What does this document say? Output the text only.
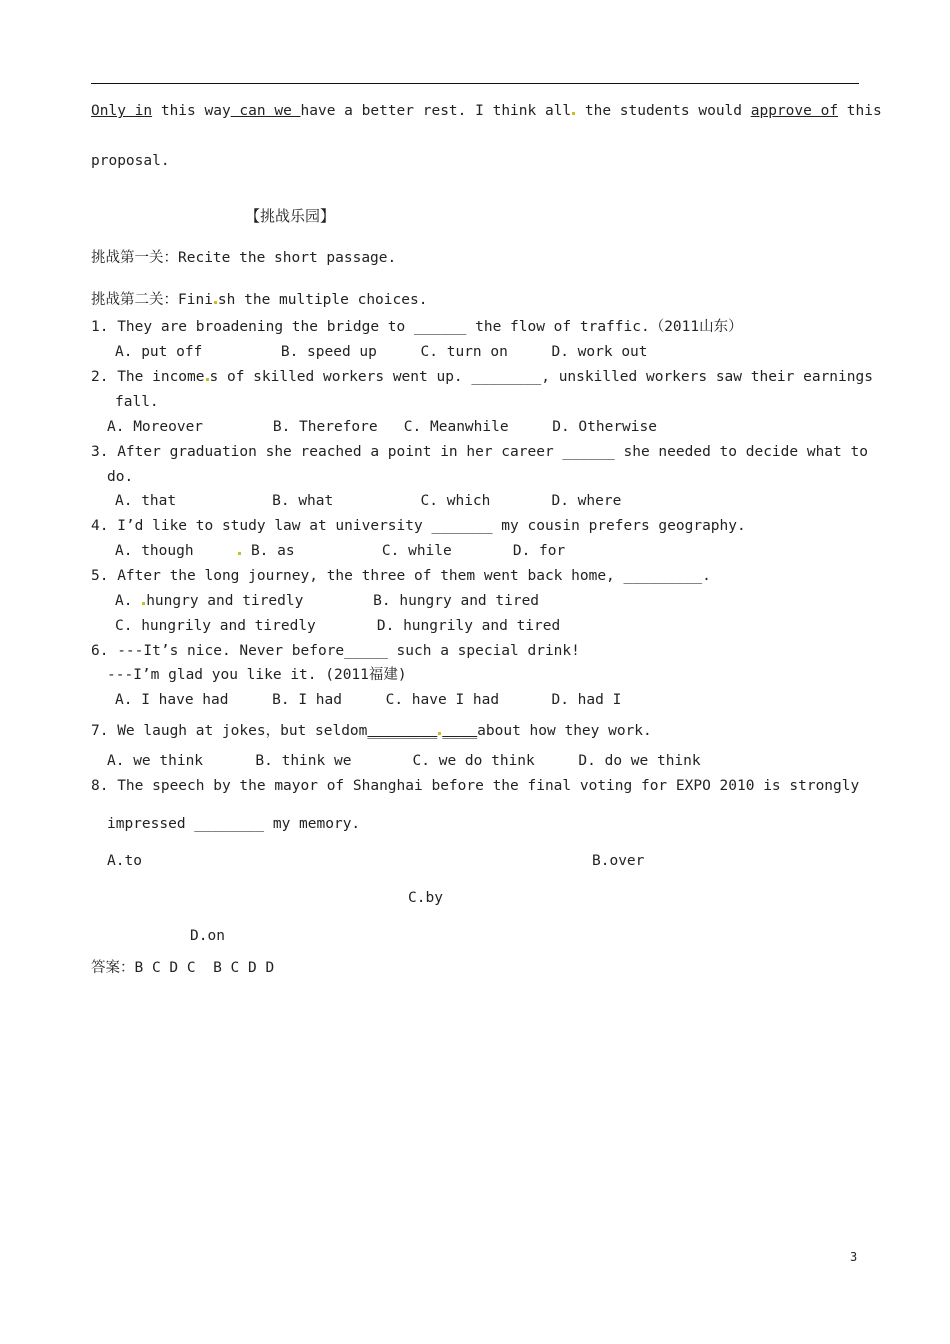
Only in this way can we have a better rest. I think all the students would approve of this
proposal.
【挑战乐园】
挑战第一关：Recite the short passage.
挑战第二关：Fini sh the multiple choices.
1. They are broadening the bridge to ______ the flow of traffic.（2011山东）
A. put off         B. speed up     C. turn on     D. work out
2. The income s of skilled workers went up. ________, unskilled workers saw their earnings
fall.
A. Moreover        B. Therefore   C. Meanwhile     D. Otherwise
3. After graduation she reached a point in her career ______ she needed to decide what to
do.
A. that           B. what          C. which       D. where
4. I’d like to study law at university _______ my cousin prefers geography.
A. though      B. as          C. while       D. for
5. After the long journey, the three of them went back home, _________.
A. hungry and tiredly        B. hungry and tired
C. hungrily and tiredly       D. hungrily and tired
6. ---It’s nice. Never before_____ such a special drink!
---I’m glad you like it. (2011福建)
A. I have had     B. I had     C. have I had      D. had I
7. We laugh at jokes，but seldom________ ____about how they work.
A. we think      B. think we       C. we do think     D. do we think
8. The speech by the mayor of Shanghai before the final voting for EXPO 2010 is strongly
impressed ________ my memory.
A.to	B.over
C.by
D.on
答案：B C D C  B C D D
3
